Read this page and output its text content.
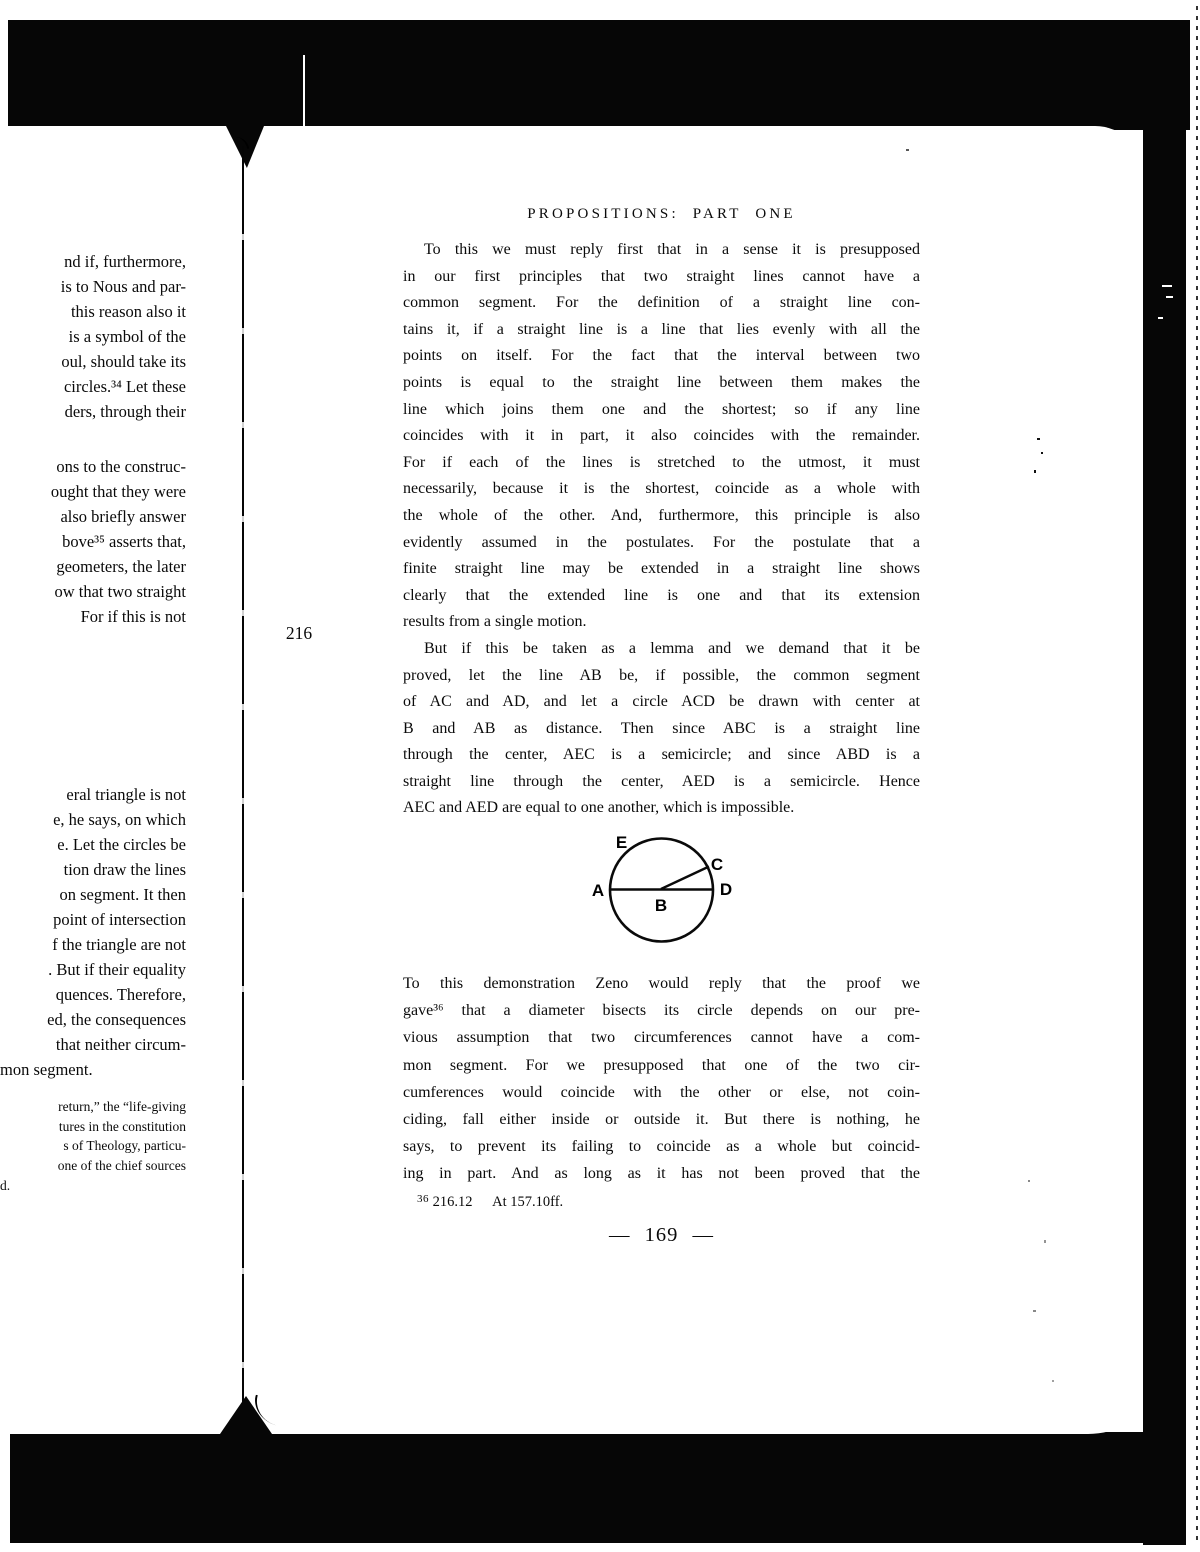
nd if, furthermore,
is to Nous and par-
this reason also it
is a symbol of the
oul, should take its
circles.³⁴ Let these
ders, through their
ons to the construc-
ought that they were
also briefly answer
bove³⁵ asserts that,
geometers, the later
ow that two straight
For if this is not
eral triangle is not
e, he says, on which
e. Let the circles be
tion draw the lines
on segment. It then
point of intersection
f the triangle are not
. But if their equality
quences. Therefore,
ed, the consequences
that neither circum-
mon segment.
return,” the “life-giving
tures in the constitution
s of Theology, particu-
one of the chief sources
d.
PROPOSITIONS: PART ONE
216
To this we must reply first that in a sense it is presupposed
in our first principles that two straight lines cannot have a
common segment. For the definition of a straight line con-
tains it, if a straight line is a line that lies evenly with all the
points on itself. For the fact that the interval between two
points is equal to the straight line between them makes the
line which joins them one and the shortest; so if any line
coincides with it in part, it also coincides with the remainder.
For if each of the lines is stretched to the utmost, it must
necessarily, because it is the shortest, coincide as a whole with
the whole of the other. And, furthermore, this principle is also
evidently assumed in the postulates. For the postulate that a
finite straight line may be extended in a straight line shows
clearly that the extended line is one and that its extension
results from a single motion.
But if this be taken as a lemma and we demand that it be
proved, let the line AB be, if possible, the common segment
of AC and AD, and let a circle ACD be drawn with center at
B and AB as distance. Then since ABC is a straight line
through the center, AEC is a semicircle; and since ABD is a
straight line through the center, AED is a semicircle. Hence
AEC and AED are equal to one another, which is impossible.
E
A
B
C
D
To this demonstration Zeno would reply that the proof we
gave³⁶ that a diameter bisects its circle depends on our pre-
vious assumption that two circumferences cannot have a com-
mon segment. For we presupposed that one of the two cir-
cumferences would coincide with the other or else, not coin-
ciding, fall either inside or outside it. But there is nothing, he
says, to prevent its failing to coincide as a whole but coincid-
ing in part. And as long as it has not been proved that the
$^{36}$ 216.12 At 157.10ff.
— 169 —
